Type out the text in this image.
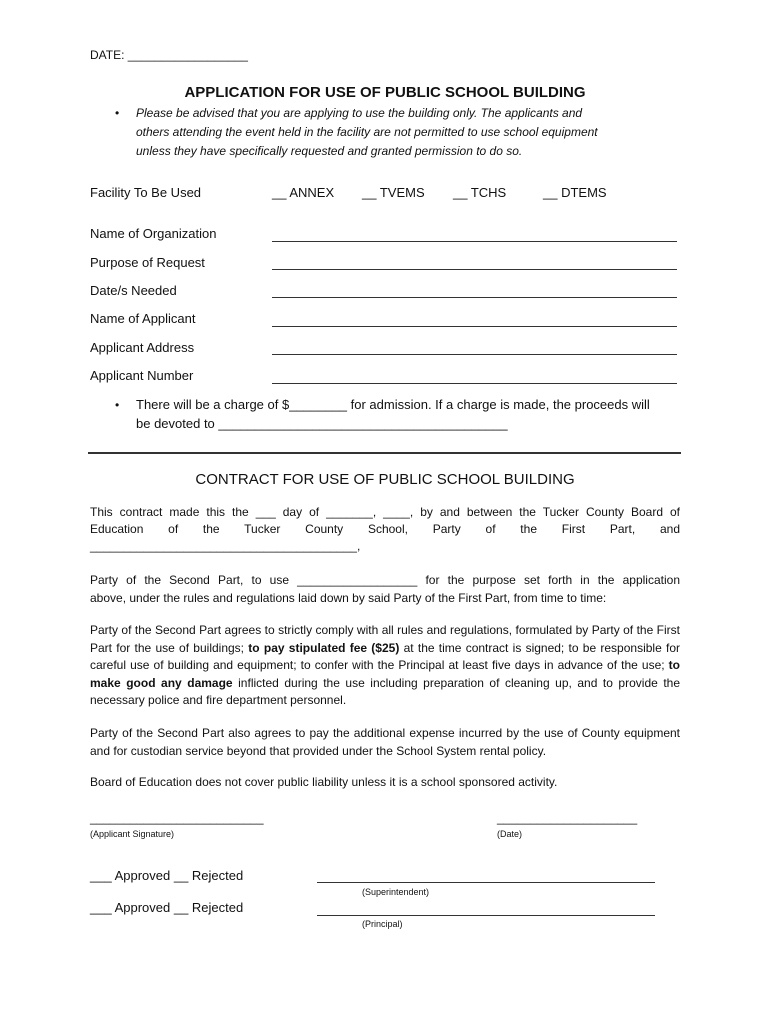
DATE: __________________
APPLICATION FOR USE OF PUBLIC SCHOOL BUILDING
• Please be advised that you are applying to use the building only. The applicants and
others attending the event held in the facility are not permitted to use school equipment
unless they have specifically requested and granted permission to do so.
Facility To Be Used	__ ANNEX __ TVEMS __ TCHS	__ DTEMS
Name of Organization
Purpose of Request
Date/s Needed
Name of Applicant
Applicant Address
Applicant Number
• There will be a charge of $________ for admission. If a charge is made, the proceeds will
be devoted to ________________________________________
CONTRACT FOR USE OF PUBLIC SCHOOL BUILDING
This contract made this the ___ day of _______, ____, by and between the Tucker County Board of
Education of the Tucker County School, Party of the First Part, and
________________________________________,
Party of the Second Part, to use __________________ for the purpose set forth in the application
above, under the rules and regulations laid down by said Party of the First Part, from time to time:
Party of the Second Part agrees to strictly comply with all rules and regulations, formulated by Party of the First Part for the use of buildings; to pay stipulated fee ($25) at the time contract is signed; to be responsible for careful use of building and equipment; to confer with the Principal at least five days in advance of the use; to make good any damage inflicted during the use including preparation of cleaning up, and to provide the necessary police and fire department personnel.
Party of the Second Part also agrees to pay the additional expense incurred by the use of County equipment and for custodian service beyond that provided under the School System rental policy.
Board of Education does not cover public liability unless it is a school sponsored activity.
__________________________
(Applicant Signature)
_____________________
(Date)
___ Approved __ Rejected
(Superintendent)
___ Approved __ Rejected
(Principal)
